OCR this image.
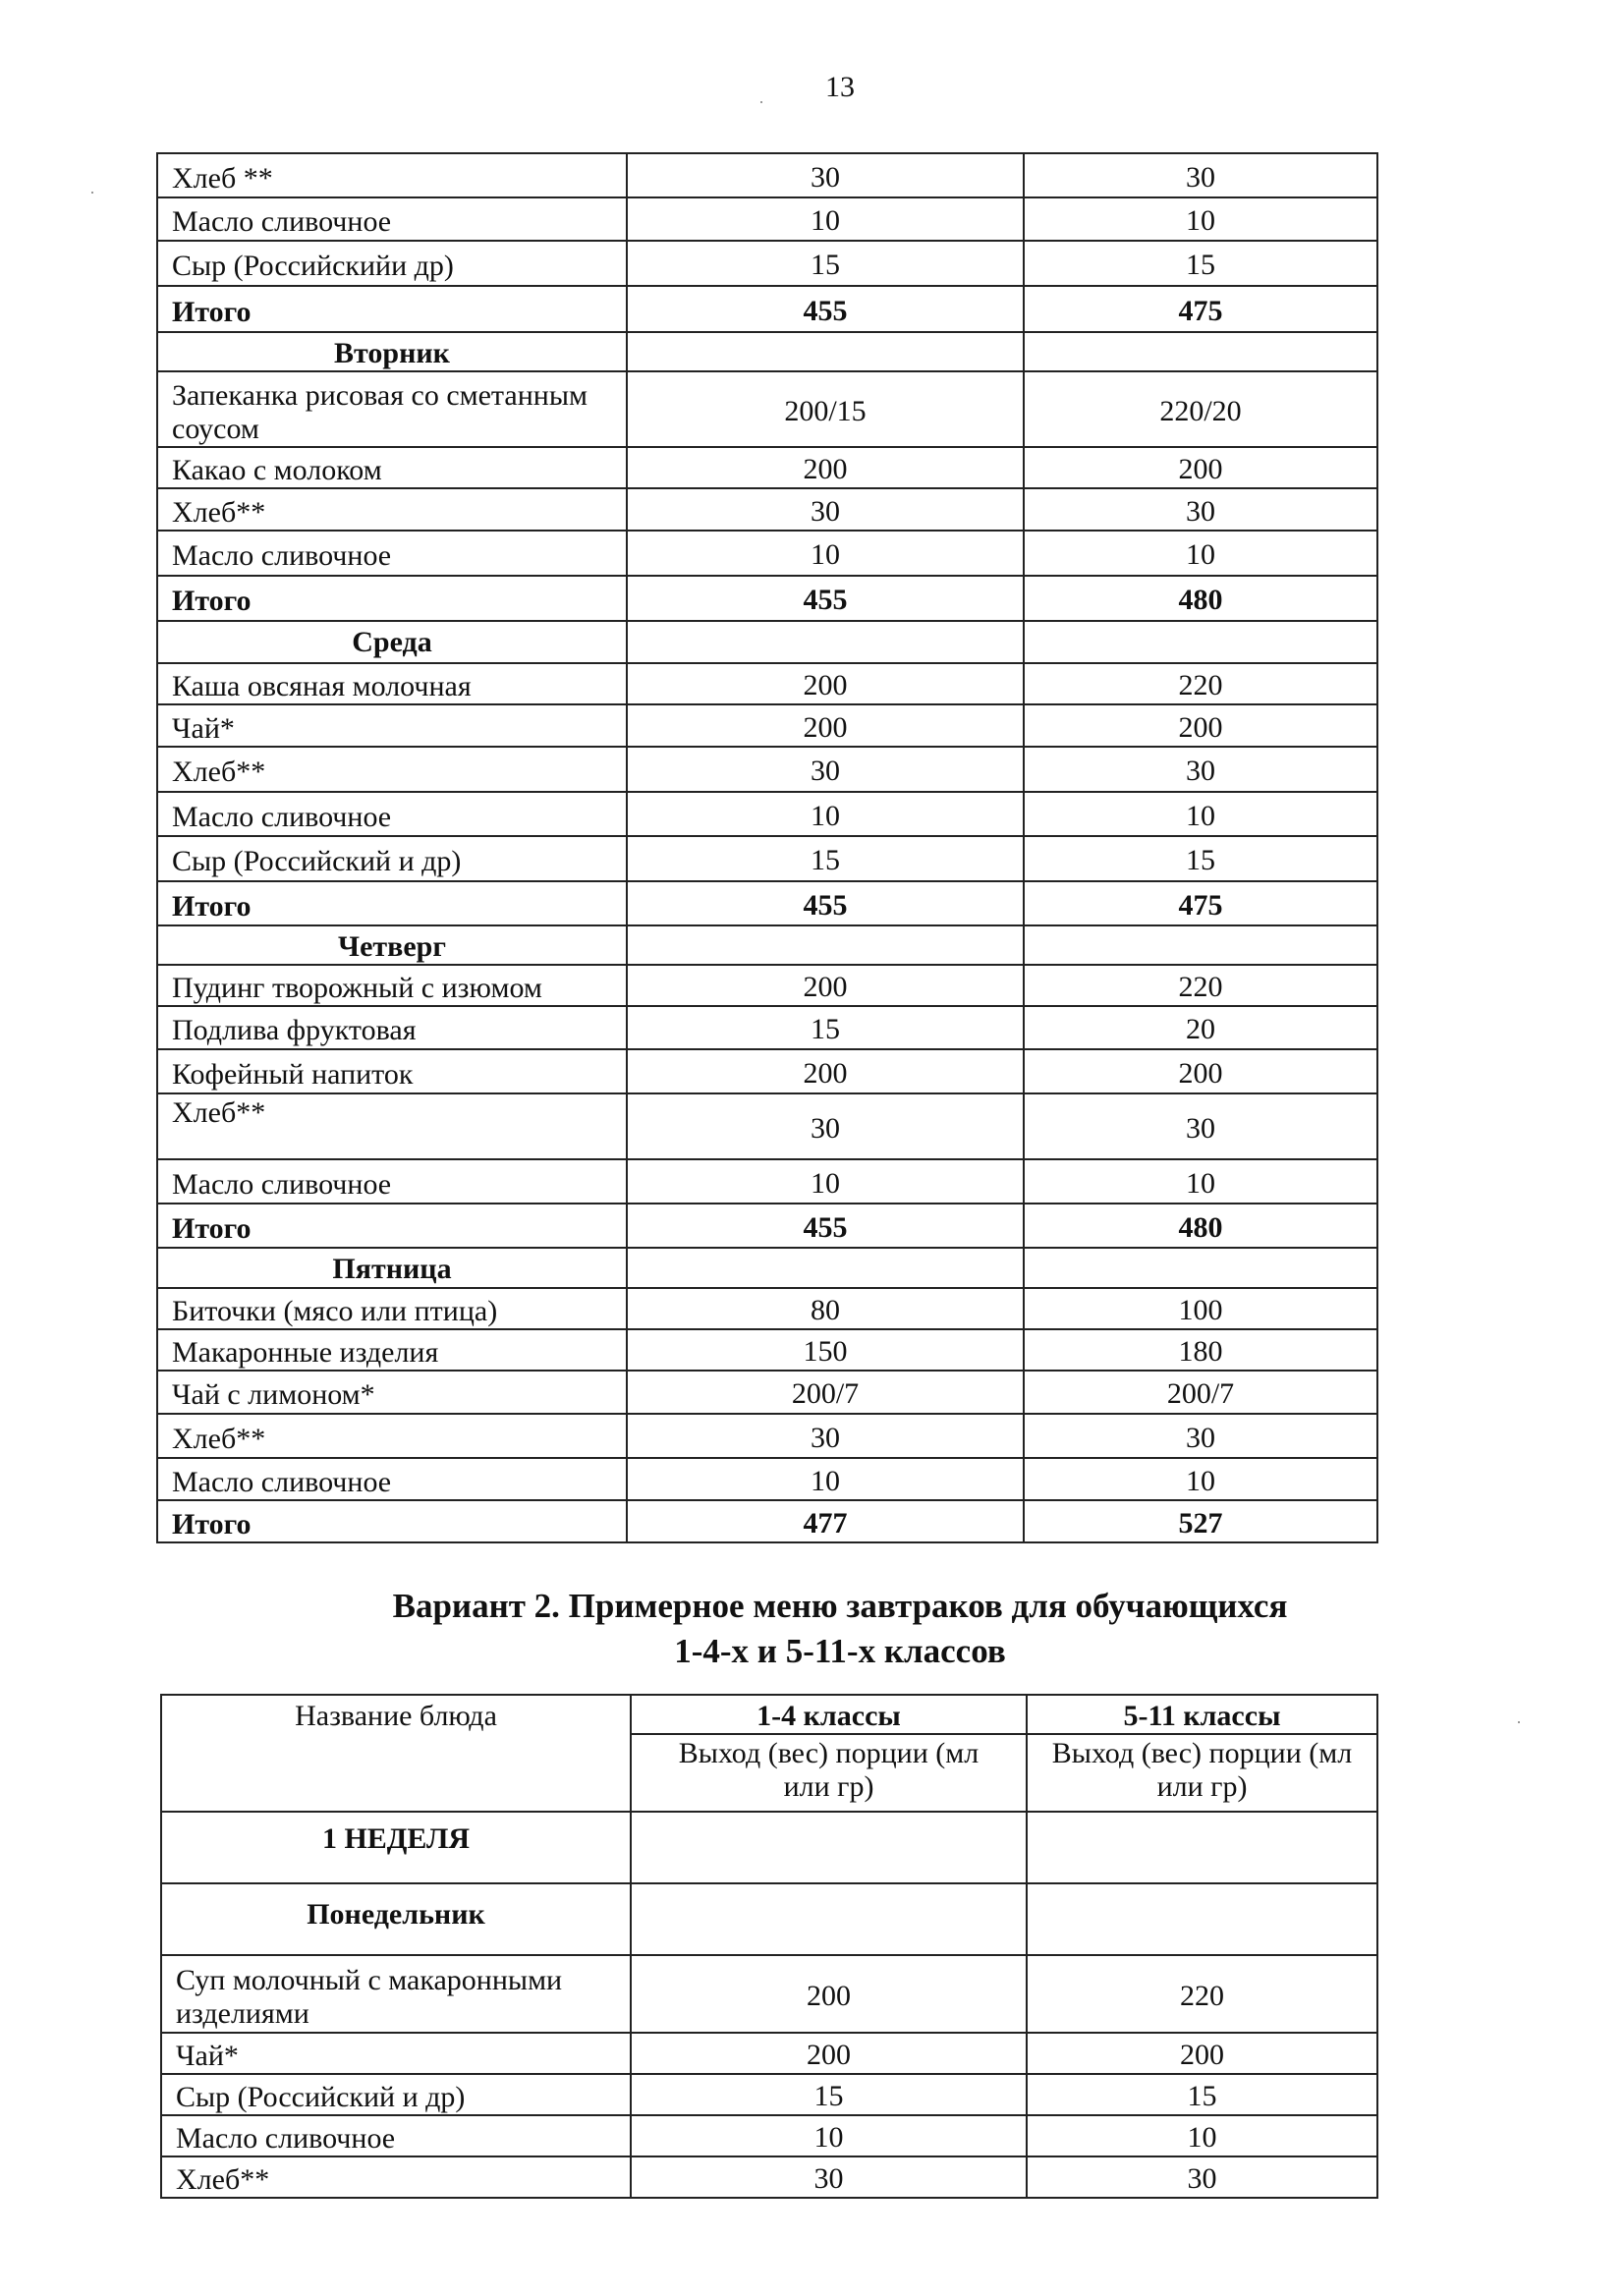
13
Хлеб **	30	30
Масло сливочное	10	10
Сыр (Российскийи др)	15	15
Итого	455	475
Вторник		
Запеканка рисовая со сметанным соусом	200/15	220/20
Какао с молоком	200	200
Хлеб**	30	30
Масло сливочное	10	10
Итого	455	480
Среда		
Каша овсяная молочная	200	220
Чай*	200	200
Хлеб**	30	30
Масло сливочное	10	10
Сыр (Российский и др)	15	15
Итого	455	475
Четверг		
Пудинг творожный с изюмом	200	220
Подлива фруктовая	15	20
Кофейный напиток	200	200
Хлеб**	30	30
Масло сливочное	10	10
Итого	455	480
Пятница		
Биточки (мясо или птица)	80	100
Макаронные изделия	150	180
Чай с лимоном*	200/7	200/7
Хлеб**	30	30
Масло сливочное	10	10
Итого	477	527
Вариант 2. Примерное меню завтраков для обучающихся
1-4-х и 5-11-х классов
Название блюда	1-4 классы	5-11 классы
	Выход (вес) порции (мл или гр)	Выход (вес) порции (мл или гр)
1 НЕДЕЛЯ		
Понедельник		
Суп молочный с макаронными изделиями	200	220
Чай*	200	200
Сыр (Российский и др)	15	15
Масло сливочное	10	10
Хлеб**	30	30
